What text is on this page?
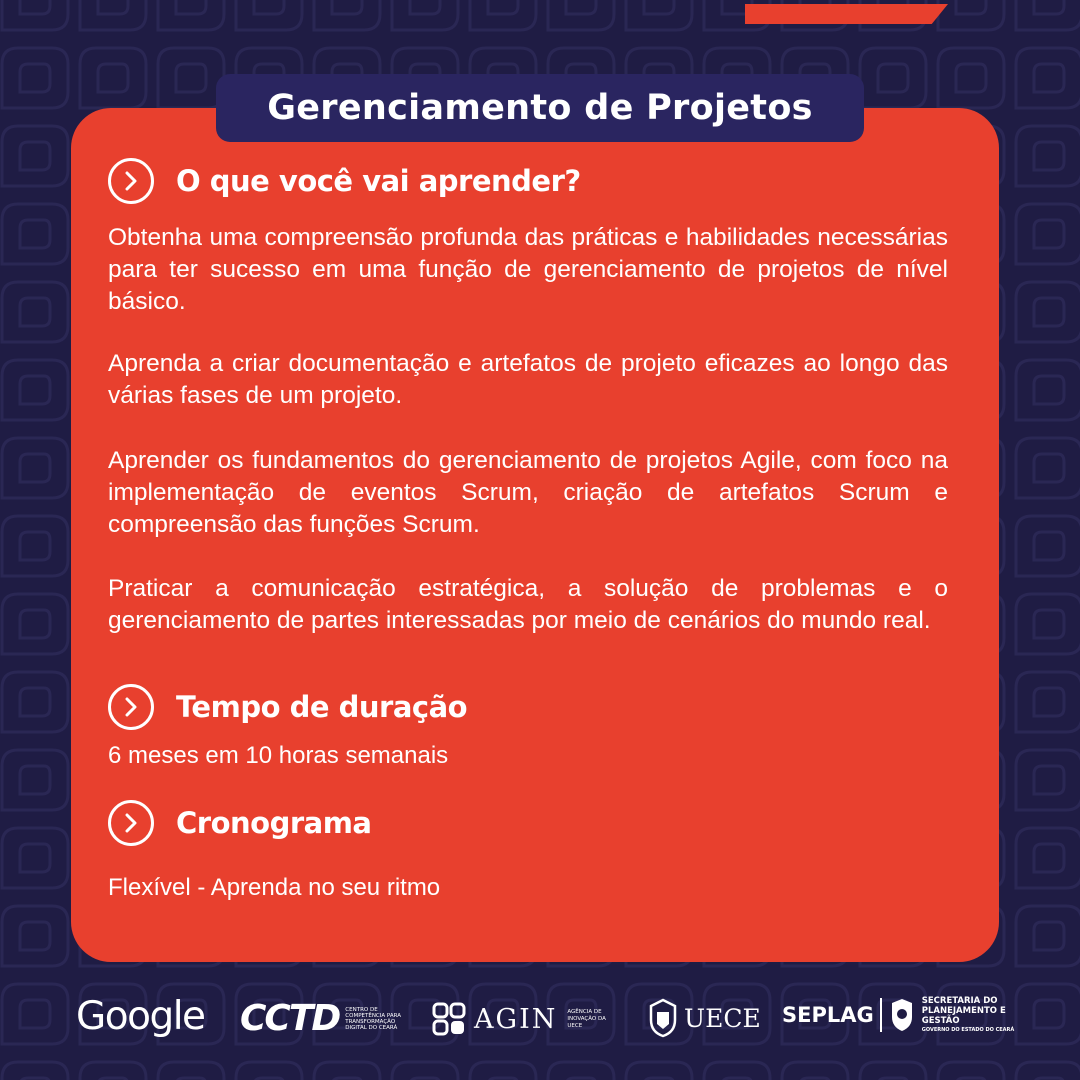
Gerenciamento de Projetos
O que você vai aprender?

Obtenha uma compreensão profunda das práticas e habilidades necessárias para ter sucesso em uma função de gerenciamento de projetos de nível básico.

Aprenda a criar documentação e artefatos de projeto eficazes ao longo das várias fases de um projeto.

Aprender os fundamentos do gerenciamento de projetos Agile, com foco na implementação de eventos Scrum, criação de artefatos Scrum e compreensão das funções Scrum.

Praticar a comunicação estratégica, a solução de problemas e o gerenciamento de partes interessadas por meio de cenários do mundo real.

Tempo de duração

6 meses em 10 horas semanais

Cronograma

Flexível - Aprenda no seu ritmo

Google CCTD CENTRO DE COMPETÊNCIA PARA TRANSFORMAÇÃO DIGITAL DO CEARÁ	AGIN AGÊNCIA DE INOVAÇÃO DA UECE	UECE SEPLAG
SECRETARIA DO PLANEJAMENTO E GESTÃO
GOVERNO DO ESTADO DO CEARÁ
